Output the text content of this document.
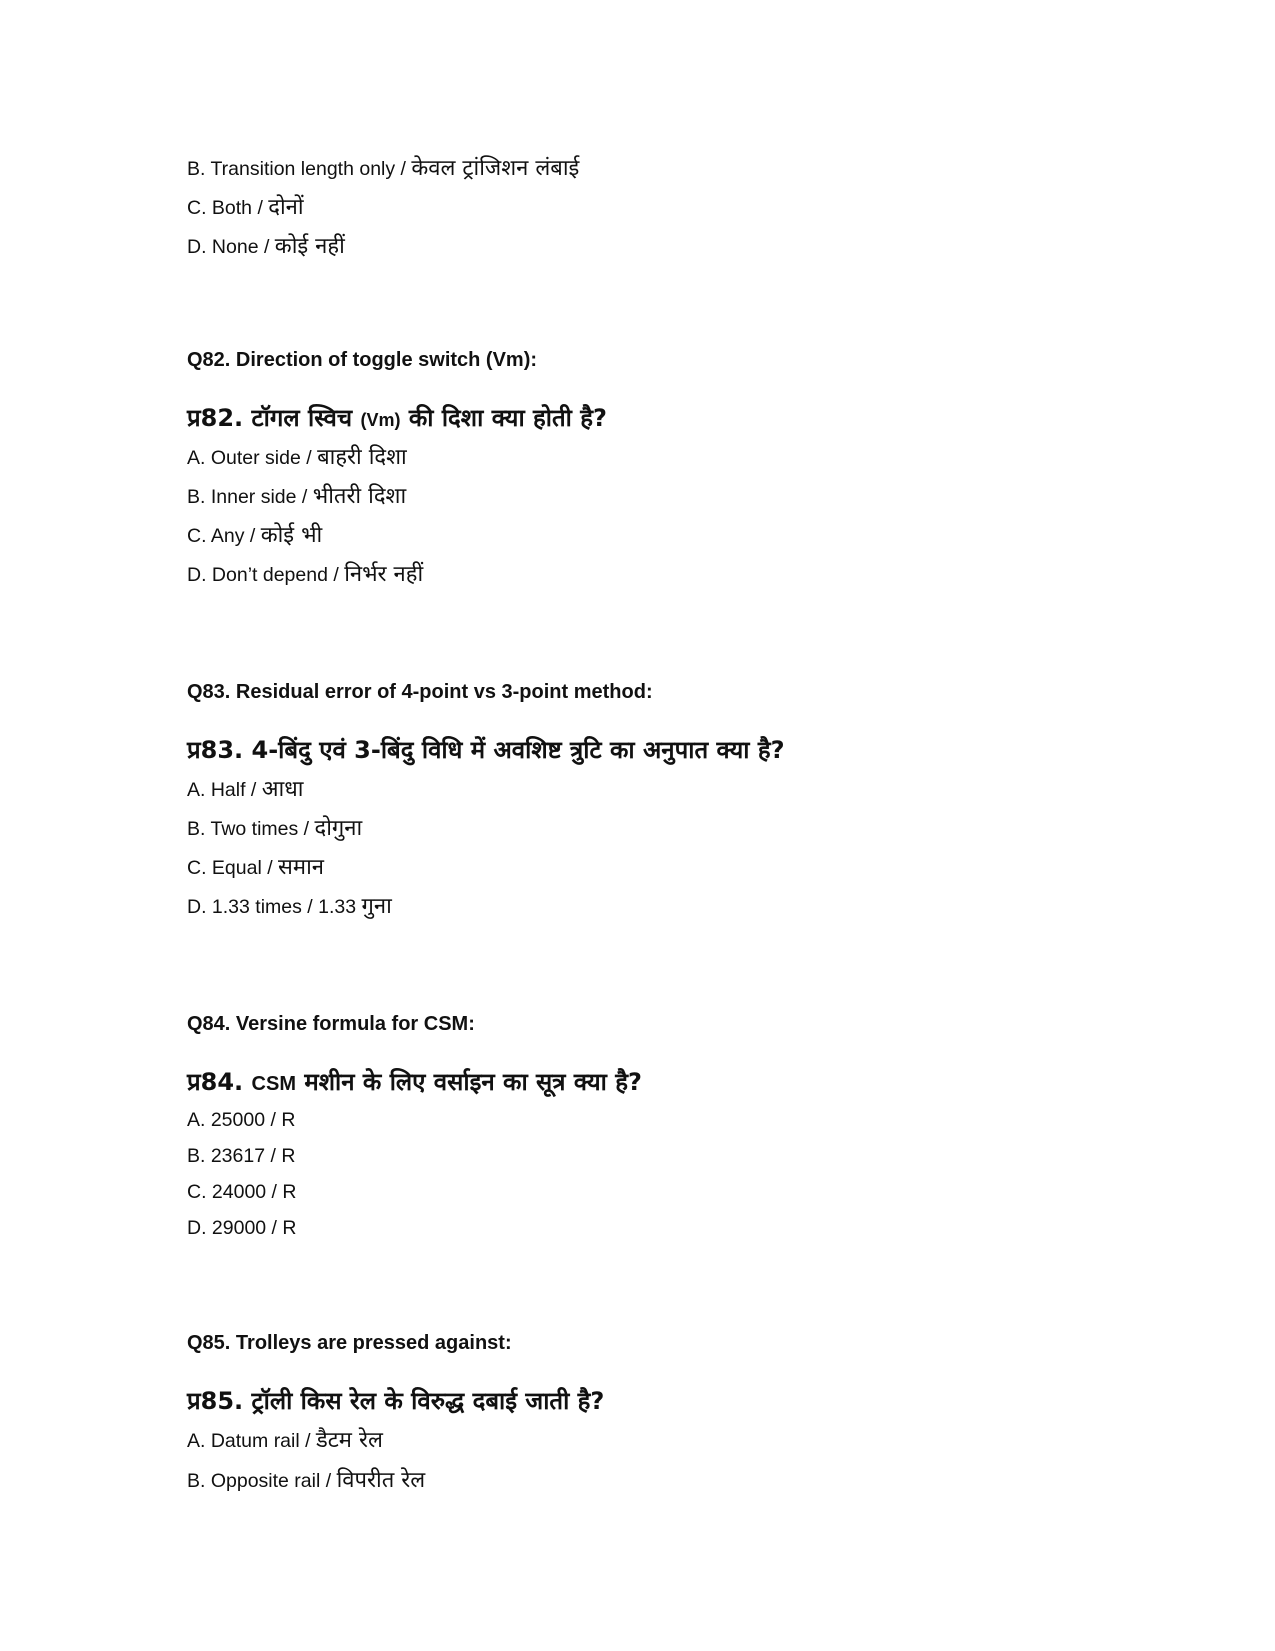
B. Transition length only / केवल ट्रांजिशन लंबाई
C. Both / दोनों
D. None / कोई नहीं
Q82. Direction of toggle switch (Vm):
प्र82. टॉगल स्विच (Vm) की दिशा क्या होती है?
A. Outer side / बाहरी दिशा
B. Inner side / भीतरी दिशा
C. Any / कोई भी
D. Don’t depend / निर्भर नहीं
Q83. Residual error of 4-point vs 3-point method:
प्र83. 4-बिंदु एवं 3-बिंदु विधि में अवशिष्ट त्रुटि का अनुपात क्या है?
A. Half / आधा
B. Two times / दोगुना
C. Equal / समान
D. 1.33 times / 1.33 गुना
Q84. Versine formula for CSM:
प्र84. CSM मशीन के लिए वर्साइन का सूत्र क्या है?
A. 25000 / R
B. 23617 / R
C. 24000 / R
D. 29000 / R
Q85. Trolleys are pressed against:
प्र85. ट्रॉली किस रेल के विरुद्ध दबाई जाती है?
A. Datum rail / डैटम रेल
B. Opposite rail / विपरीत रेल
